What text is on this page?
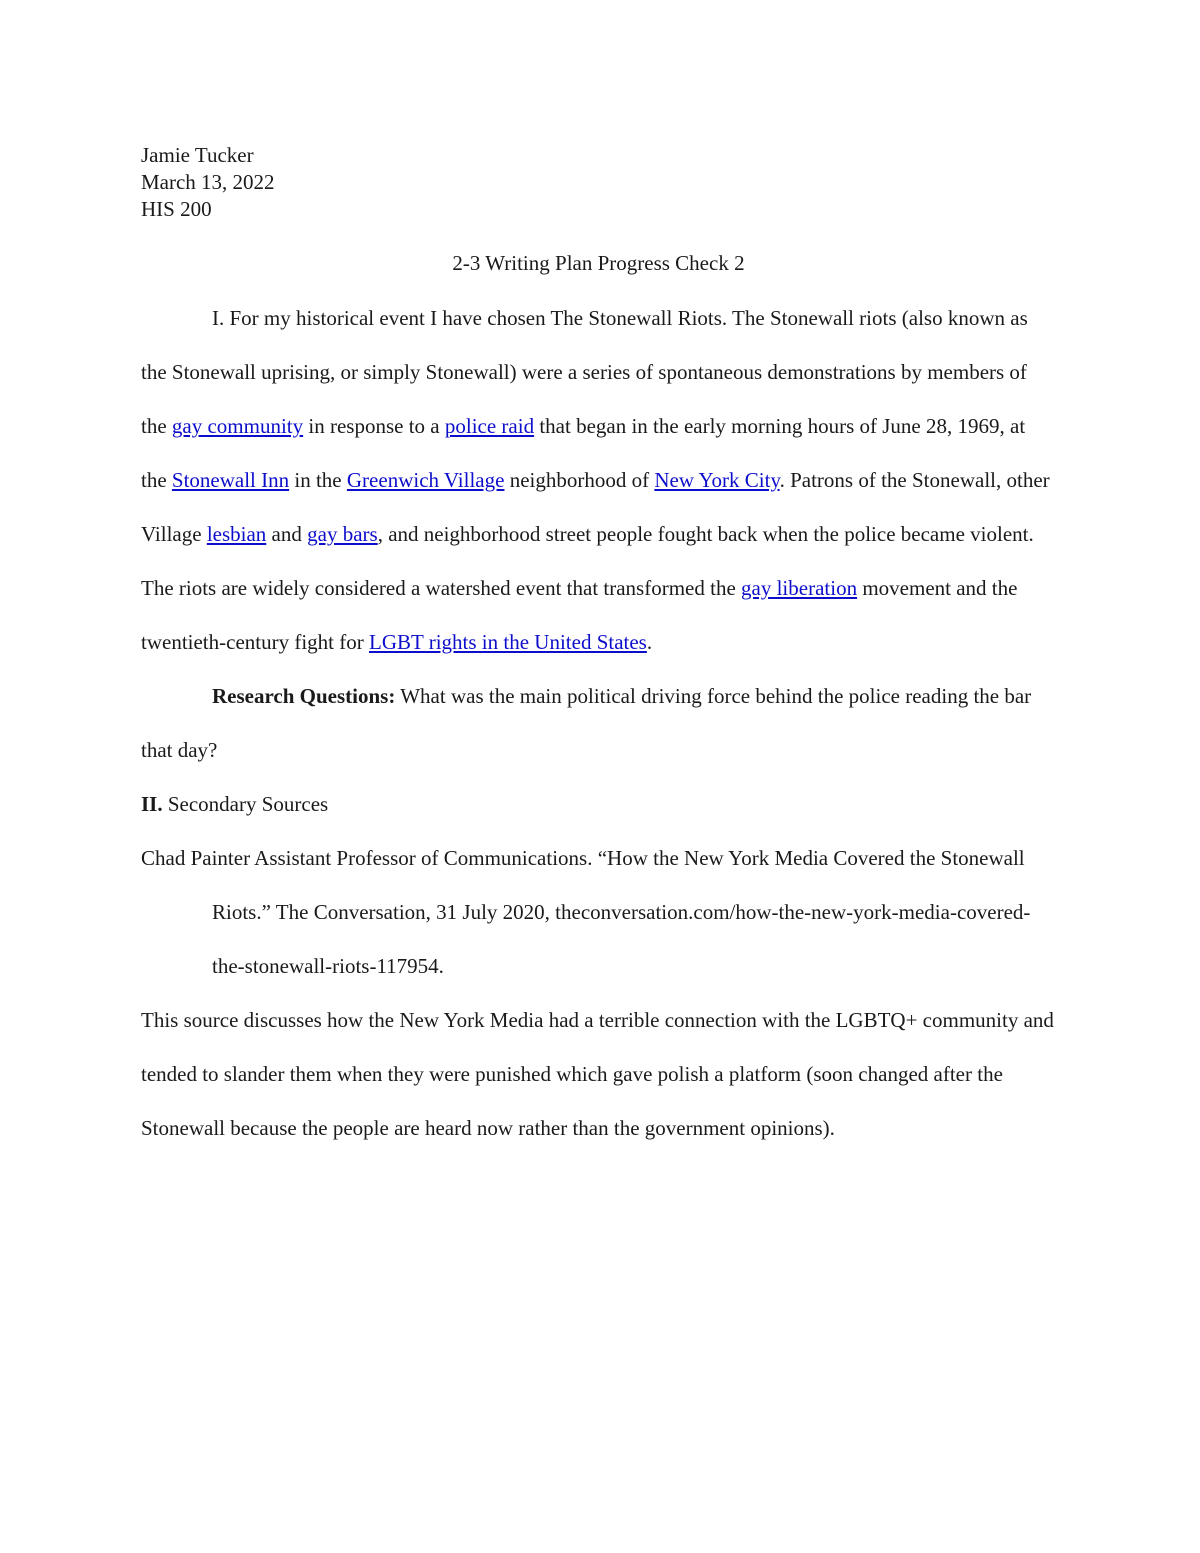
Jamie Tucker

March 13, 2022

HIS 200

2-3 Writing Plan Progress Check 2

I. For my historical event I have chosen The Stonewall Riots. The Stonewall riots (also known as the Stonewall uprising, or simply Stonewall) were a series of spontaneous demonstrations by members of the gay community in response to a police raid that began in the early morning hours of June 28, 1969, at the Stonewall Inn in the Greenwich Village neighborhood of New York City. Patrons of the Stonewall, other Village lesbian and gay bars, and neighborhood street people fought back when the police became violent. The riots are widely considered a watershed event that transformed the gay liberation movement and the twentieth-century fight for LGBT rights in the United States.

Research Questions: What was the main political driving force behind the police reading the bar that day?

II. Secondary Sources

Chad Painter Assistant Professor of Communications. “How the New York Media Covered the Stonewall Riots.” The Conversation, 31 July 2020, theconversation.com/how-the-new-york-media-covered-the-stonewall-riots-117954.

This source discusses how the New York Media had a terrible connection with the LGBTQ+ community and tended to slander them when they were punished which gave polish a platform (soon changed after the Stonewall because the people are heard now rather than the government opinions).
